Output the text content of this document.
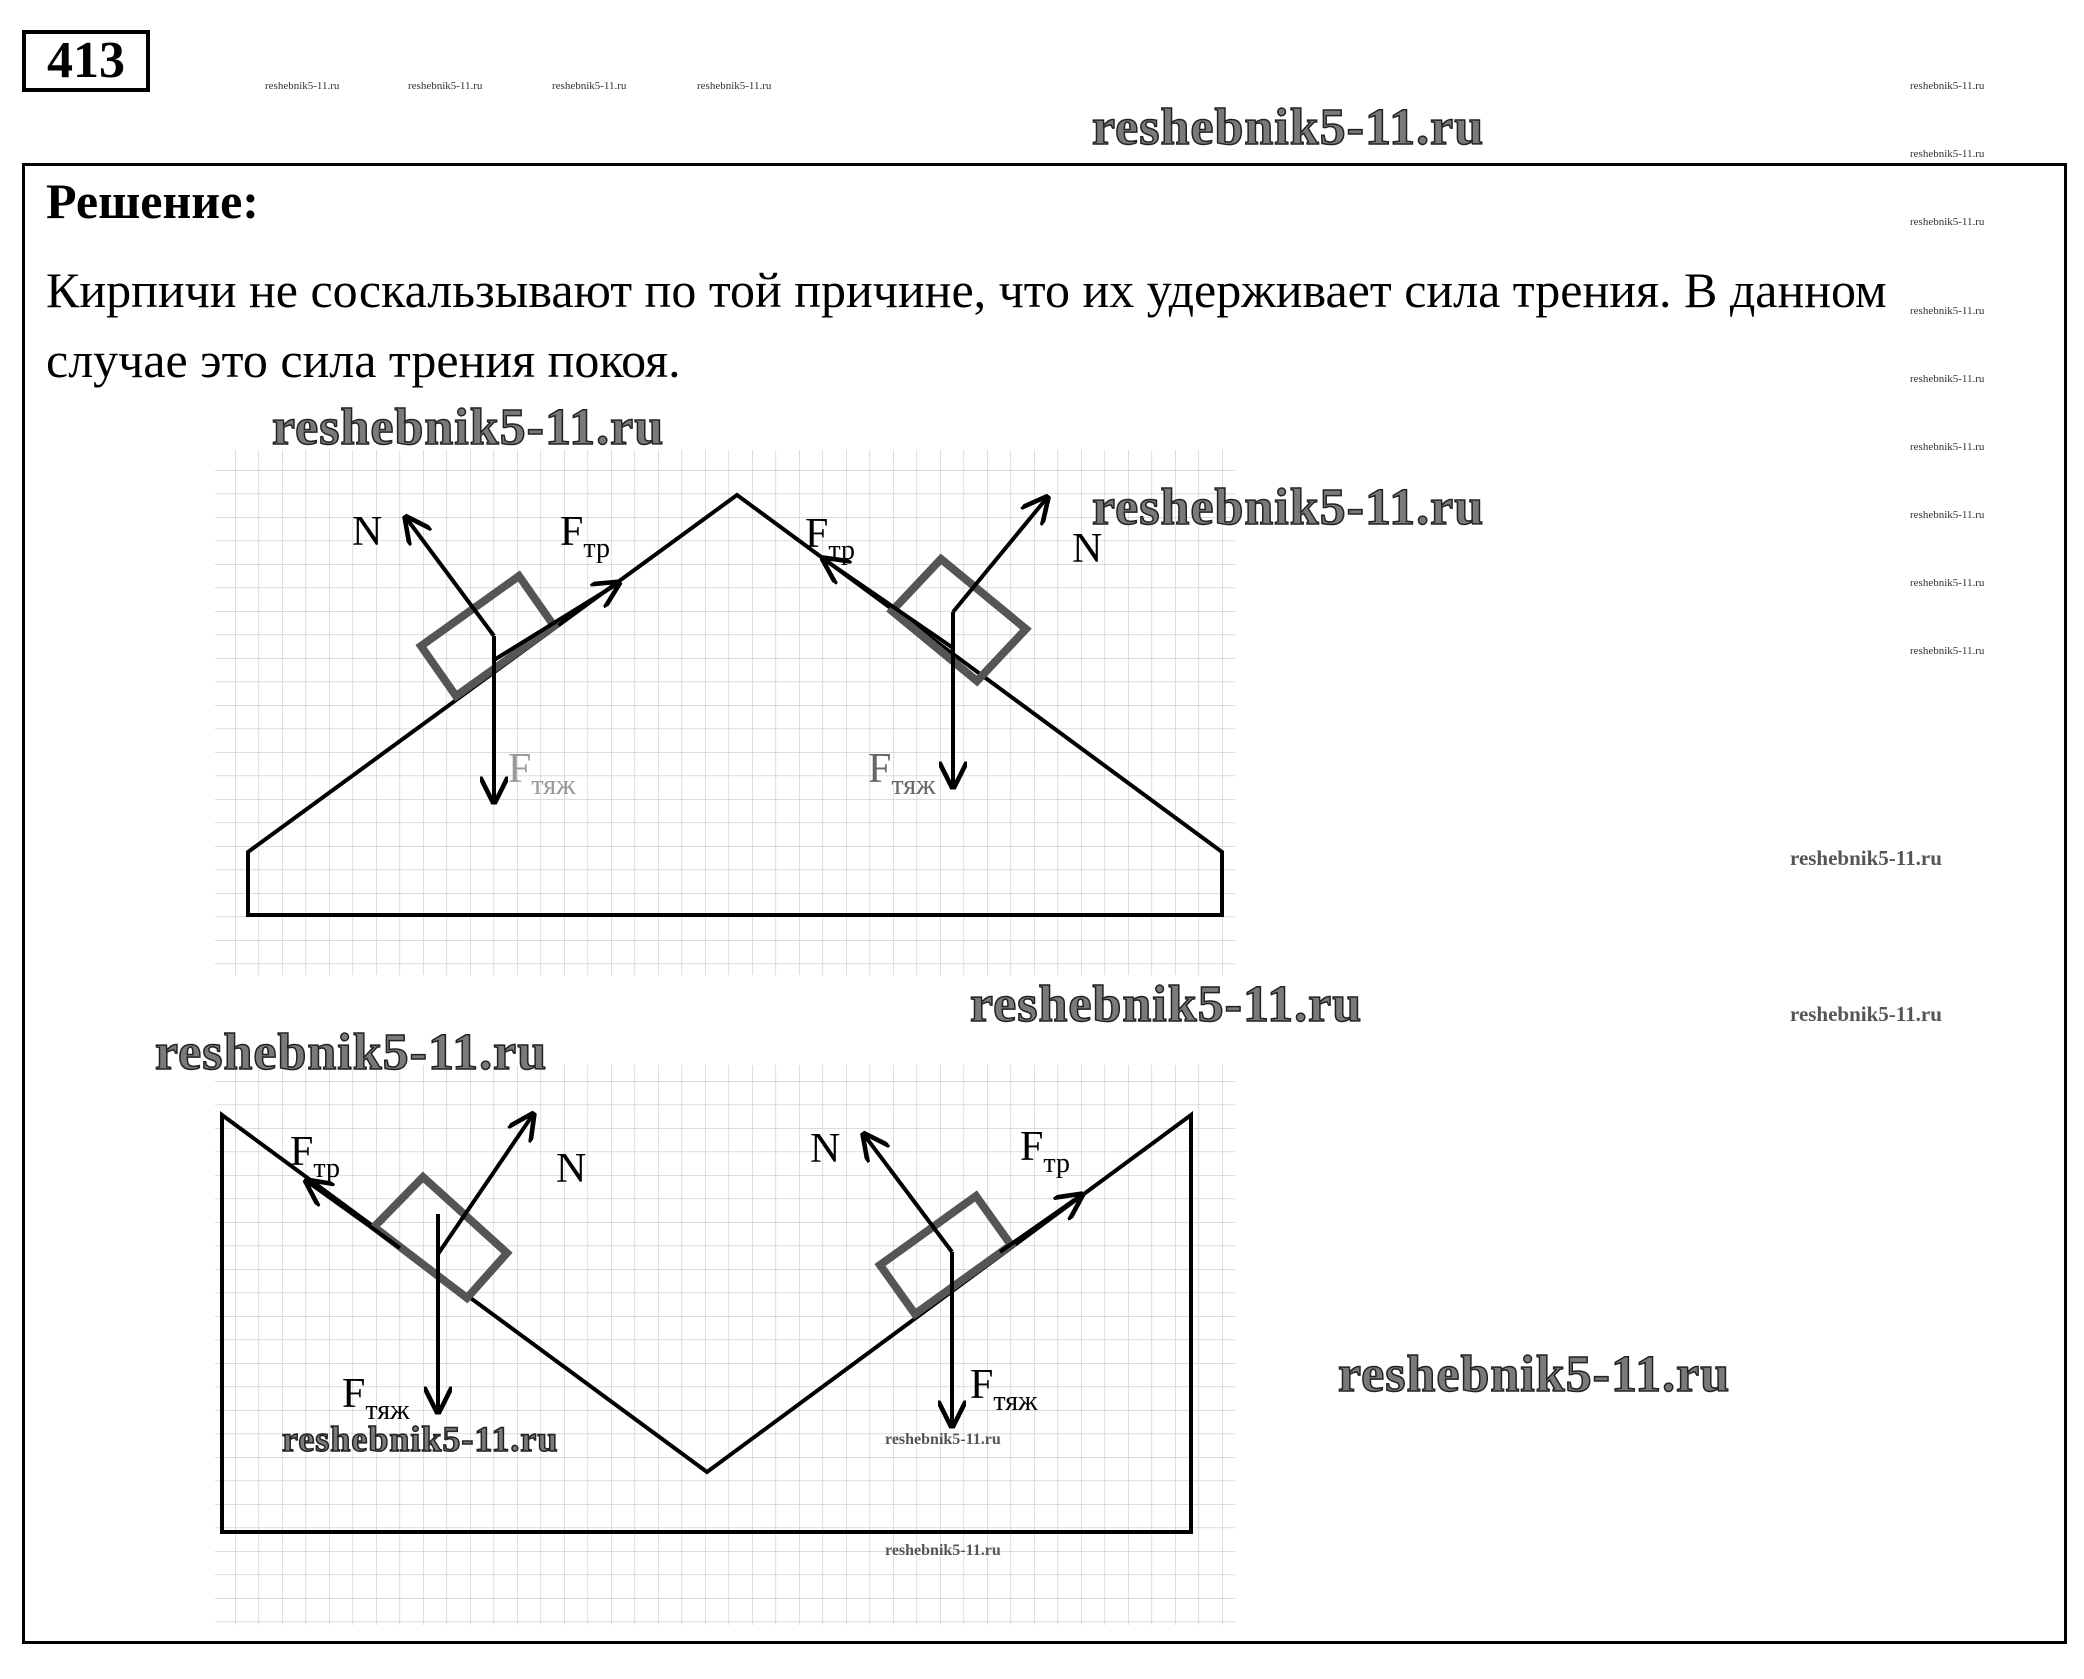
413	reshebnik5-11.ru	reshebnik5-11.ru	reshebnik5-11.ru	reshebnik5-11.ru	reshebnik5-11.ru
reshebnik5-11.ru
reshebnik5-11.ru
reshebnik5-11.ru
reshebnik5-11.ru
reshebnik5-11.ru
reshebnik5-11.ru
reshebnik5-11.ru
reshebnik5-11.ru
reshebnik5-11.ru
Решение:
Кирпичи не соскальзывают по той причине, что их удерживает сила трения. В данном случае это сила трения покоя.
N	$F_{тр}$	$F_{тр}$	N
$F_{тяж}$	$F_{тяж}$
$F_{тр}$	N	N	$F_{тр}$
$F_{тяж}$
$F_{тяж}$
reshebnik5-11.ru
reshebnik5-11.ru
reshebnik5-11.ru
reshebnik5-11.ru
reshebnik5-11.ru
reshebnik5-11.ru
reshebnik5-11.ru
reshebnik5-11.ru
reshebnik5-11.ru
reshebnik5-11.ru
